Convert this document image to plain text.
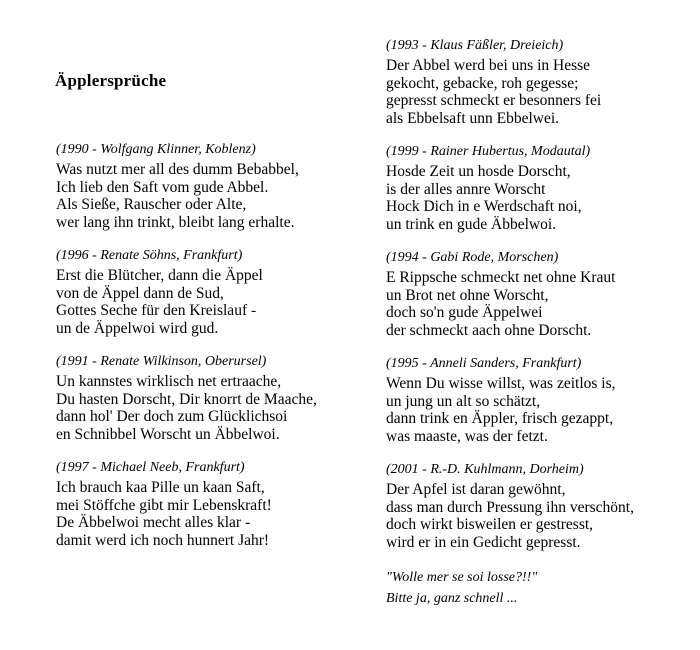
Äpplersprüche
(1990 - Wolfgang Klinner, Koblenz)
Was nutzt mer all des dumm Bebabbel,
Ich lieb den Saft vom gude Abbel.
Als Sieße, Rauscher oder Alte,
wer lang ihn trinkt, bleibt lang erhalte.
(1996 - Renate Söhns, Frankfurt)
Erst die Blütcher, dann die Äppel
von de Äppel dann de Sud,
Gottes Seche für den Kreislauf -
un de Äppelwoi wird gud.
(1991 - Renate Wilkinson, Oberursel)
Un kannstes wirklisch net ertraache,
Du hasten Dorscht, Dir knorrt de Maache,
dann hol' Der doch zum Glücklichsoi
en Schnibbel Worscht un Äbbelwoi.
(1997 - Michael Neeb, Frankfurt)
Ich brauch kaa Pille un kaan Saft,
mei Stöffche gibt mir Lebenskraft!
De Äbbelwoi mecht alles klar -
damit werd ich noch hunnert Jahr!
(1993 - Klaus Fäßler, Dreieich)
Der Abbel werd bei uns in Hesse
gekocht, gebacke, roh gegesse;
gepresst schmeckt er besonners fei
als Ebbelsaft unn Ebbelwei.
(1999 - Rainer Hubertus, Modautal)
Hosde Zeit un hosde Dorscht,
is der alles annre Worscht
Hock Dich in e Werdschaft noi,
un trink en gude Äbbelwoi.
(1994 - Gabi Rode, Morschen)
E Rippsche schmeckt net ohne Kraut
un Brot net ohne Worscht,
doch so'n gude Äppelwei
der schmeckt aach ohne Dorscht.
(1995 - Anneli Sanders, Frankfurt)
Wenn Du wisse willst, was zeitlos is,
un jung un alt so schätzt,
dann trink en Äppler, frisch gezappt,
was maaste, was der fetzt.
(2001 - R.-D. Kuhlmann, Dorheim)
Der Apfel ist daran gewöhnt,
dass man durch Pressung ihn verschönt,
doch wirkt bisweilen er gestresst,
wird er in ein Gedicht gepresst.
"Wolle mer se soi losse?!!"
Bitte ja, ganz schnell ...
